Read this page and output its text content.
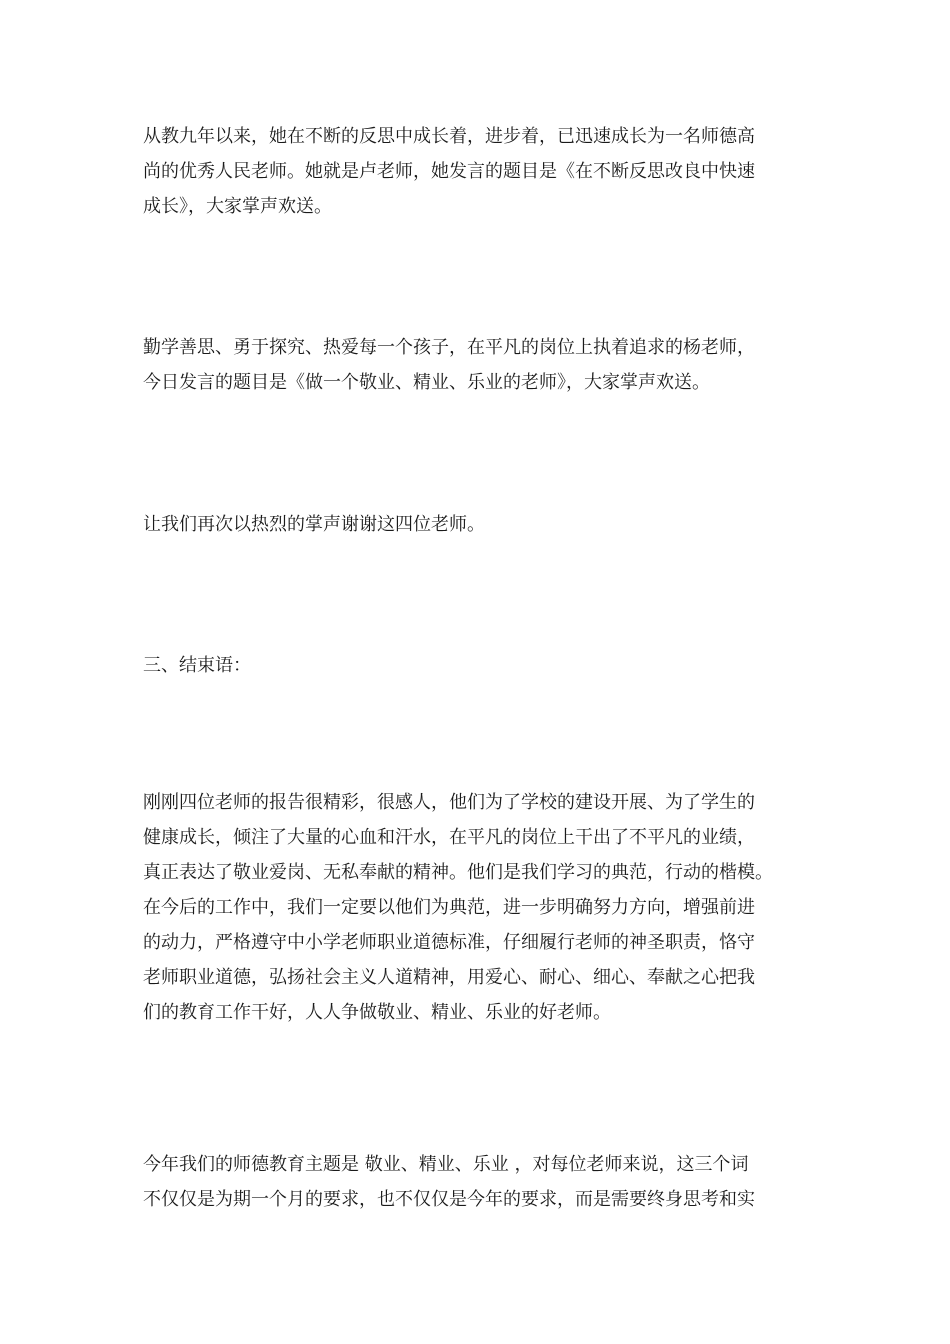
从教九年以来，她在不断的反思中成长着，进步着，已迅速成长为一名师德高
尚的优秀人民老师。她就是卢老师，她发言的题目是《在不断反思改良中快速
成长》，大家掌声欢送。
勤学善思、勇于探究、热爱每一个孩子，在平凡的岗位上执着追求的杨老师，
今日发言的题目是《做一个敬业、精业、乐业的老师》，大家掌声欢送。
让我们再次以热烈的掌声谢谢这四位老师。
三、结束语：
刚刚四位老师的报告很精彩，很感人，他们为了学校的建设开展、为了学生的
健康成长，倾注了大量的心血和汗水，在平凡的岗位上干出了不平凡的业绩，
真正表达了敬业爱岗、无私奉献的精神。他们是我们学习的典范，行动的楷模。
在今后的工作中，我们一定要以他们为典范，进一步明确努力方向，增强前进
的动力，严格遵守中小学老师职业道德标准，仔细履行老师的神圣职责，恪守
老师职业道德，弘扬社会主义人道精神，用爱心、耐心、细心、奉献之心把我
们的教育工作干好，人人争做敬业、精业、乐业的好老师。
今年我们的师德教育主题是 敬业、精业、乐业 ，对每位老师来说，这三个词
不仅仅是为期一个月的要求，也不仅仅是今年的要求，而是需要终身思考和实
